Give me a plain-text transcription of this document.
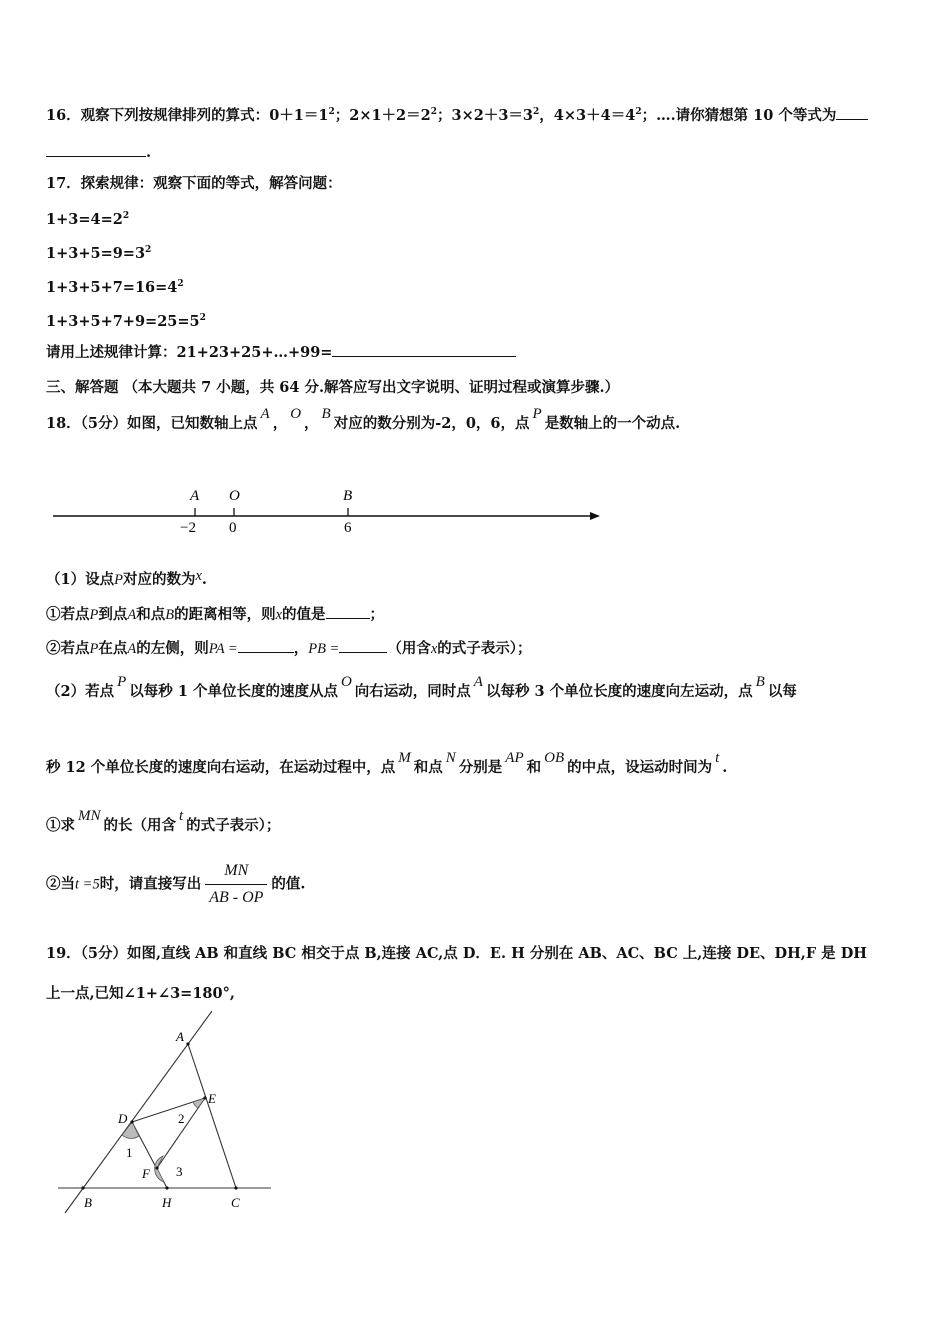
16．观察下列按规律排列的算式：$0+1=1^2$；$2\times 1+2=2^2$；$3\times 2+3=3^2$，$4\times 3+4=4^2$；….请你猜想第 10 个等式为
.
17．探索规律：观察下面的等式，解答问题：
$1+3=4=2^2$
$1+3+5=9=3^2$
$1+3+5+7=16=4^2$
$1+3+5+7+9=25=5^2$
请用上述规律计算：21+23+25+…+99=
三、解答题 （本大题共 7 小题，共 64 分.解答应写出文字说明、证明过程或演算步骤.）
18．（5分）如图，已知数轴上点A，O，B对应的数分别为-2，0，6，点P是数轴上的一个动点.
A O	B
−2 0	6
（1）设点P对应的数为x.
①若点P到点A和点B的距离相等，则x的值是	；
②若点P在点A的左侧，则PA =	，PB =	（用含x的式子表示）；
（2）若点P以每秒 1 个单位长度的速度从点O向右运动，同时点A以每秒 3 个单位长度的速度向左运动，点B以每
秒 12 个单位长度的速度向右运动，在运动过程中，点M和点N分别是AP和OB的中点，设运动时间为t.
①求MN的长（用含t的式子表示）；
②当t =5时，请直接写出 $\frac{MN}{AB - OP}$ 的值.
19．（5分）如图,直线 AB 和直线 BC 相交于点 B,连接 AC,点 D．E. H 分别在 AB、AC、BC 上,连接 DE、DH,F 是 DH
上一点,已知∠1+∠3=180°,
A
E
D	2
1
F 3
B	H	C
